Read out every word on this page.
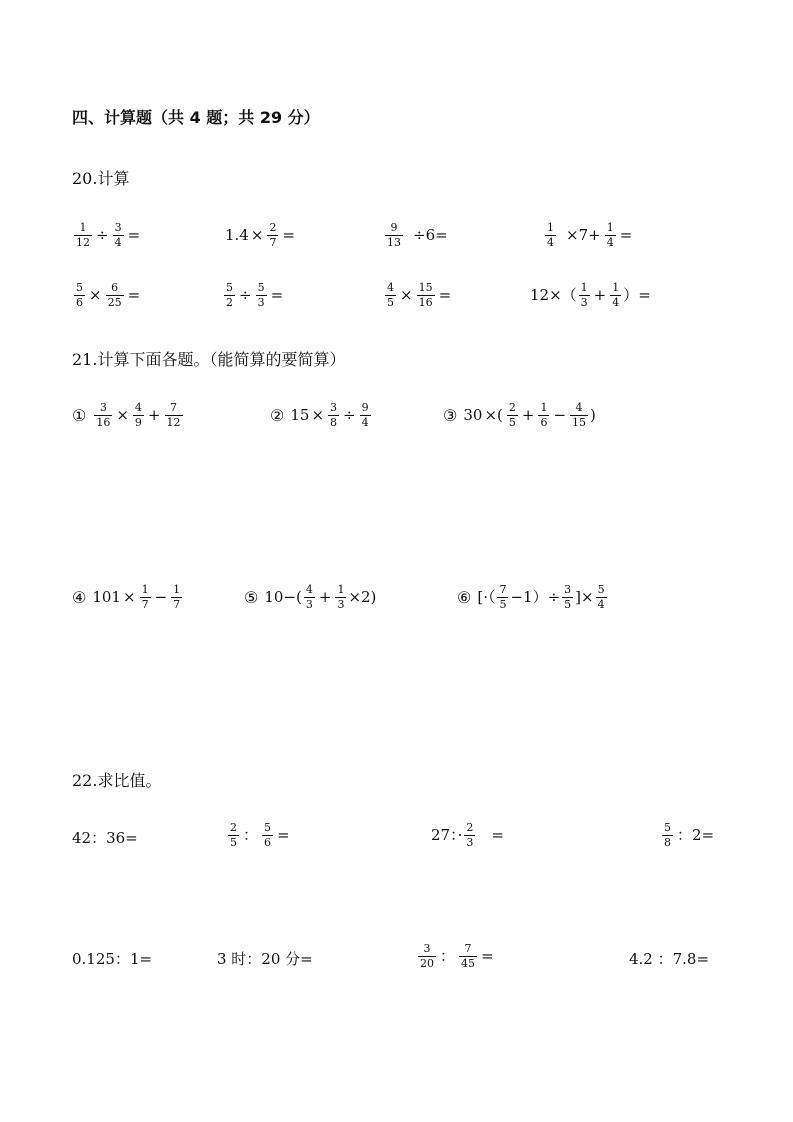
四、计算题（共 4 题；共 29 分）
20.计算
$\frac{1}{12} \div \frac{3}{4}$ =	$1.4 \times \frac{2}{7}$ =	$\frac{9}{13} \div 6=$	$\frac{1}{4} \times 7+ \frac{1}{4}$ =
$\frac{5}{6} \times \frac{6}{25}$ =	$\frac{5}{2} \div \frac{5}{3}$ =	$\frac{4}{5} \times \frac{15}{16}$ =	$12\times( \frac{1}{3} + \frac{1}{4}$ ）=
21.计算下面各题。（能简算的要简算）
① $\frac{3}{16} \times \frac{4}{9} + \frac{7}{12}$	② $15 \times \frac{3}{8} \div \frac{9}{4}$	③ 30 ×( $\frac{2}{5} + \frac{1}{6} - \frac{4}{15}$ )
④ $101 \times \frac{1}{7} - \frac{1}{7}$	⑤ $10-( \frac{4}{3} + \frac{1}{3} \times 2)$	⑥ [·（ $\frac{7}{5} -1)\div \frac{3}{5}$ ]× $\frac{5}{4}$
22.求比值。
42：36=	$\frac{2}{5}$ ： $\frac{5}{6}$ =	27：· $\frac{2}{3}$ =	$\frac{5}{8}$ ：2=
0.125：1=	3 时：20 分=	$\frac{3}{20}$ ： $\frac{7}{45}$ =	4.2 ：7.8=
